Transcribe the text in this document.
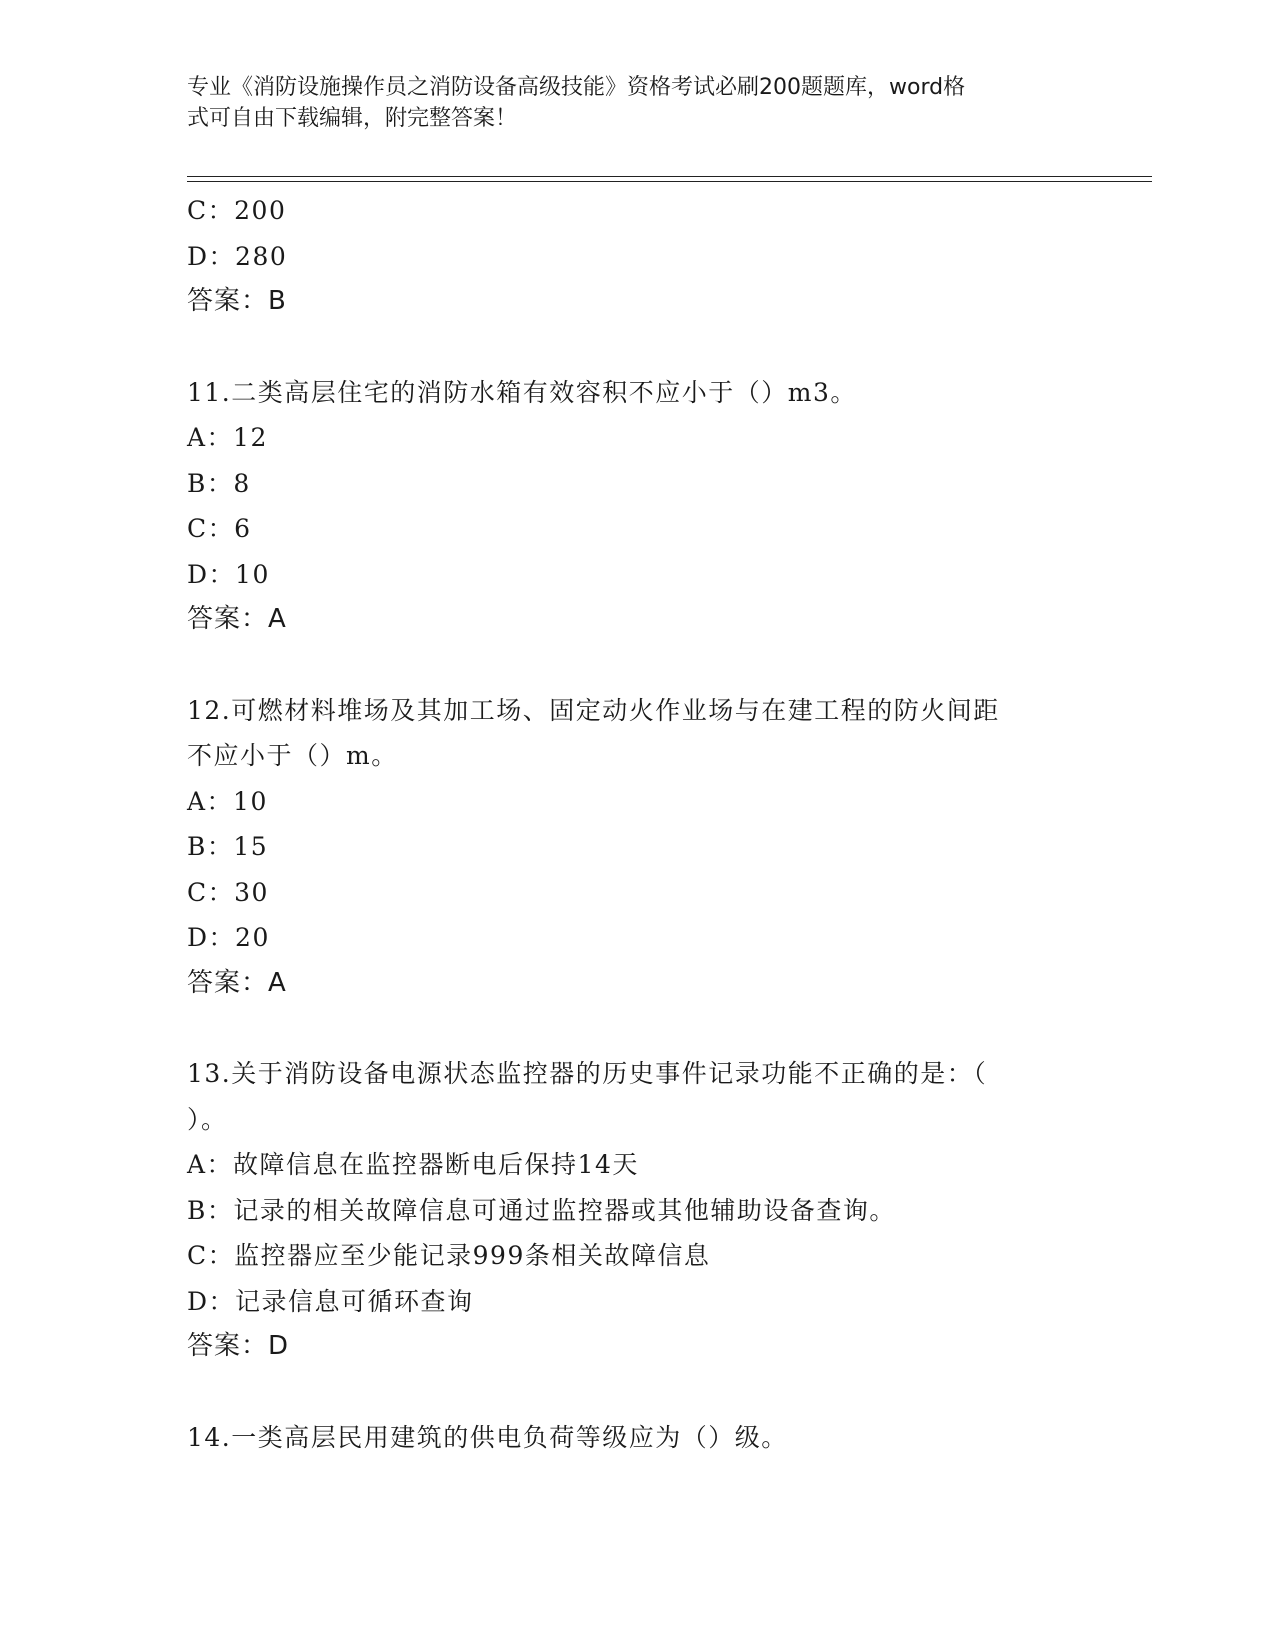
专业《消防设施操作员之消防设备高级技能》资格考试必刷200题题库，word格
式可自由下载编辑，附完整答案！
C：200
D：280
答案：B
11.二类高层住宅的消防水箱有效容积不应小于（）m3。
A：12
B：8
C：6
D：10
答案：A
12.可燃材料堆场及其加工场、固定动火作业场与在建工程的防火间距
不应小于（）m。
A：10
B：15
C：30
D：20
答案：A
13.关于消防设备电源状态监控器的历史事件记录功能不正确的是：（
）。
A：故障信息在监控器断电后保持14天
B：记录的相关故障信息可通过监控器或其他辅助设备查询。
C：监控器应至少能记录999条相关故障信息
D：记录信息可循环查询
答案：D
14.一类高层民用建筑的供电负荷等级应为（）级。
